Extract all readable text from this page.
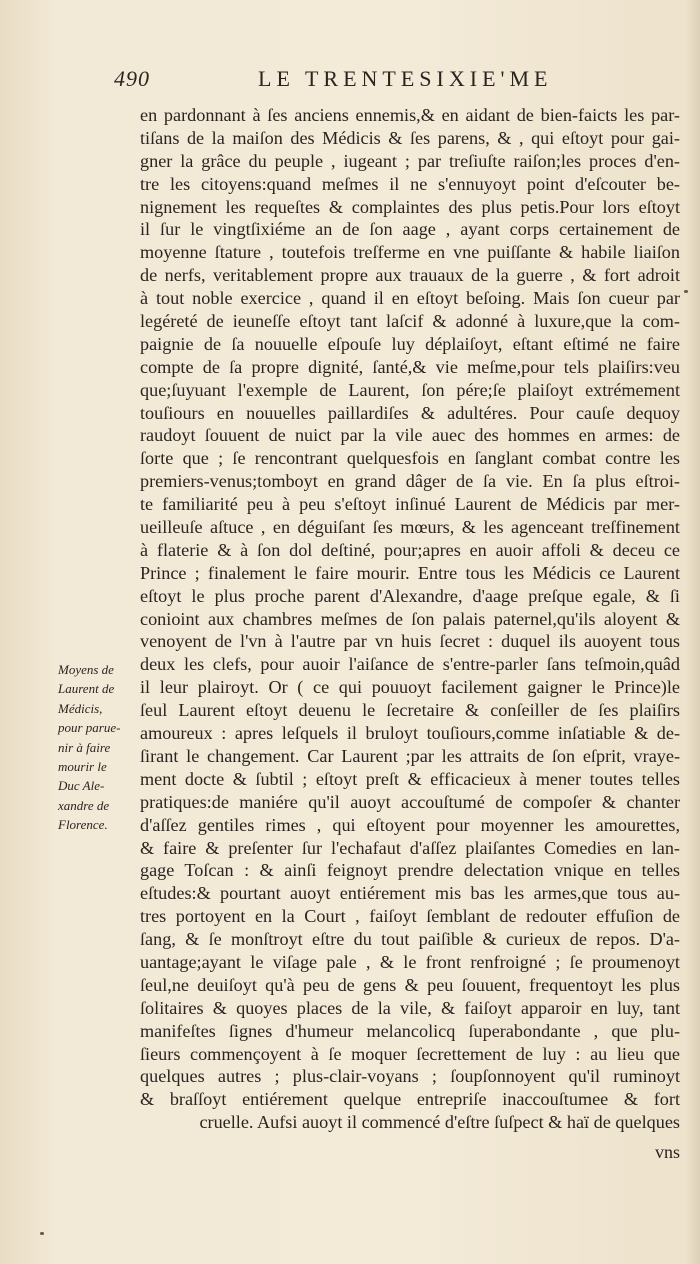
490	LE TRENTESIXIE'ME
en pardonnant à ſes anciens ennemis,& en aidant de bien-faiсts les par-
tiſans de la maiſon des Médicis & ſes parens, & , qui eſtoyt pour gai-
gner la grâce du peuple , iugeant ; par treſiuſte raiſon;les proces d'en-
tre les citoyens:quand meſmes il ne s'ennuyoyt point d'eſcouter be-
nignement les requeſtes & complaintes des plus petis.Pour lors eſtoyt
il ſur le vingtſixiéme an de ſon aage , ayant corps certainement de
moyenne ſtature , toutefois treſferme en vne puiſſante & habile liaiſon
de nerfs, veritablement propre aux trauaux de la guerre , & fort adroit
à tout noble exercice , quand il en eſtoyt beſoing. Mais ſon cueur par
legéreté de ieuneſſe eſtoyt tant laſcif & adonné à luxure,que la com-
paignie de ſa nouuelle eſpouſe luy déplaiſoyt, eſtant eſtimé ne faire
compte de ſa propre dignité, ſanté,& vie meſme,pour tels plaiſirs:veu
que;ſuyuant l'exemple de Laurent, ſon pére;ſe plaiſoyt extrémement
touſiours en nouuelles paillardiſes & adultéres. Pour cauſe dequoy
raudoyt ſouuent de nuiсt par la vile auec des hommes en armes: de
ſorte que ; ſe rencontrant quelquesfois en ſanglant combat contre les
premiers-venus;tomboyt en grand dâger de ſa vie. En ſa plus eſtroi-
te familiarité peu à peu s'eſtoyt inſinué Laurent de Médicis par mer-
ueilleuſe aſtuce , en déguiſant ſes mœurs, & les agenceant treſfinement
à flaterie & à ſon dol deſtiné, pour;apres en auoir affoli & deceu ce
Prince ; finalement le faire mourir. Entre tous les Médicis ce Laurent
eſtoyt le plus proche parent d'Alexandre, d'aage preſque egale, & ſi
conioint aux chambres meſmes de ſon palais paternel,qu'ils aloyent &
venoyent de l'vn à l'autre par vn huis ſecret : duquel ils auoyent tous
deux les clefs, pour auoir l'aiſance de s'entre-parler ſans teſmoin,quâd
il leur plairoyt. Or ( ce qui pouuoyt facilement gaigner le Prince)le
ſeul Laurent eſtoyt deuenu le ſecretaire & conſeiller de ſes plaiſirs
amoureux : apres leſquels il bruloyt touſiours,comme inſatiable & de-
ſirant le changement. Car Laurent ;par les attraits de ſon eſprit, vraye-
ment doсte & ſubtil ; eſtoyt preſt & efficacieux à mener toutes telles
pratiques:de maniére qu'il auoyt accouſtumé de compoſer & chanter
d'aſſez gentiles rimes , qui eſtoyent pour moyenner les amourettes,
& faire & preſenter ſur l'echafaut d'aſſez plaiſantes Comedies en lan-
gage Toſcan : & ainſi feignoyt prendre deleсtation vnique en telles
eſtudes:& pourtant auoyt entiérement mis bas les armes,que tous au-
tres portoyent en la Court , faiſoyt ſemblant de redouter effuſion de
ſang, & ſe monſtroyt eſtre du tout paiſible & curieux de repos. D'a-
uantage;ayant le viſage pale , & le front renfroigné ; ſe proumenoyt
ſeul,ne deuiſoyt qu'à peu de gens & peu ſouuent, frequentoyt les plus
ſolitaires & quoyes places de la vile, & faiſoyt apparoir en luy, tant
manifeſtes ſignes d'humeur melancolicq ſuperabondante , que plu-
ſieurs commençoyent à ſe moquer ſecrettement de luy : au lieu que
quelques autres ; plus-clair-voyans ; ſoupſonnoyent qu'il ruminoyt
& braſſoyt entiérement quelque entrepriſe inaccouſtumee & fort
cruelle. Aufsi auoyt il commencé d'eſtre ſuſpeсt & haï de quelques
Moyens de
Laurent de
Médicis,
pour parue-
nir à faire
mourir le
Duc Ale-
xandre de
Florence.
vns
